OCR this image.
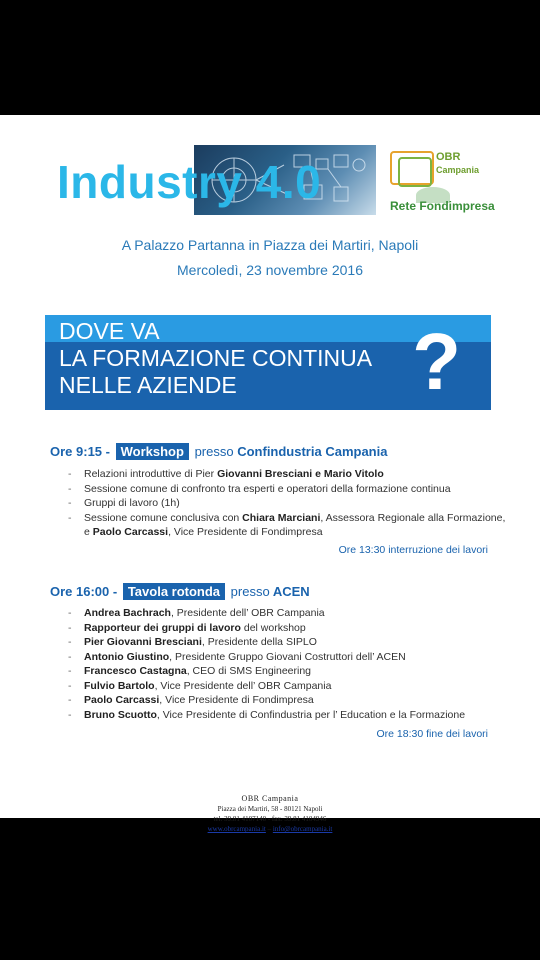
Industry 4.0	OBR
Campania
Rete Fondimpresa
A Palazzo Partanna in Piazza dei Martiri, Napoli
Mercoledì, 23 novembre 2016
DOVE VA
LA FORMAZIONE CONTINUA
NELLE AZIENDE ?
Ore 9:15 - Workshop presso Confindustria Campania
- Relazioni introduttive di Pier Giovanni Bresciani e Mario Vitolo
- Sessione comune di confronto tra esperti e operatori della formazione continua
- Gruppi di lavoro (1h)
- Sessione comune conclusiva con Chiara Marciani, Assessora Regionale alla Formazione, e Paolo Carcassi, Vice Presidente di Fondimpresa
Ore 13:30 interruzione dei lavori
Ore 16:00 - Tavola rotonda presso ACEN
- Andrea Bachrach, Presidente dell’ OBR Campania
- Rapporteur dei gruppi di lavoro del workshop
- Pier Giovanni Bresciani, Presidente della SIPLO
- Antonio Giustino, Presidente Gruppo Giovani Costruttori dell’ ACEN
- Francesco Castagna, CEO di SMS Engineering
- Fulvio Bartolo, Vice Presidente dell’ OBR Campania
- Paolo Carcassi, Vice Presidente di Fondimpresa
- Bruno Scuotto, Vice Presidente di Confindustria per l’ Education e la Formazione
Ore 18:30 fine dei lavori
OBR Campania
Piazza dei Martiri, 58 - 80121 Napoli
tel. 39.81 4107140 - fax. 39.81 4104946
www.obrcampania.it – info@obrcampania.it
